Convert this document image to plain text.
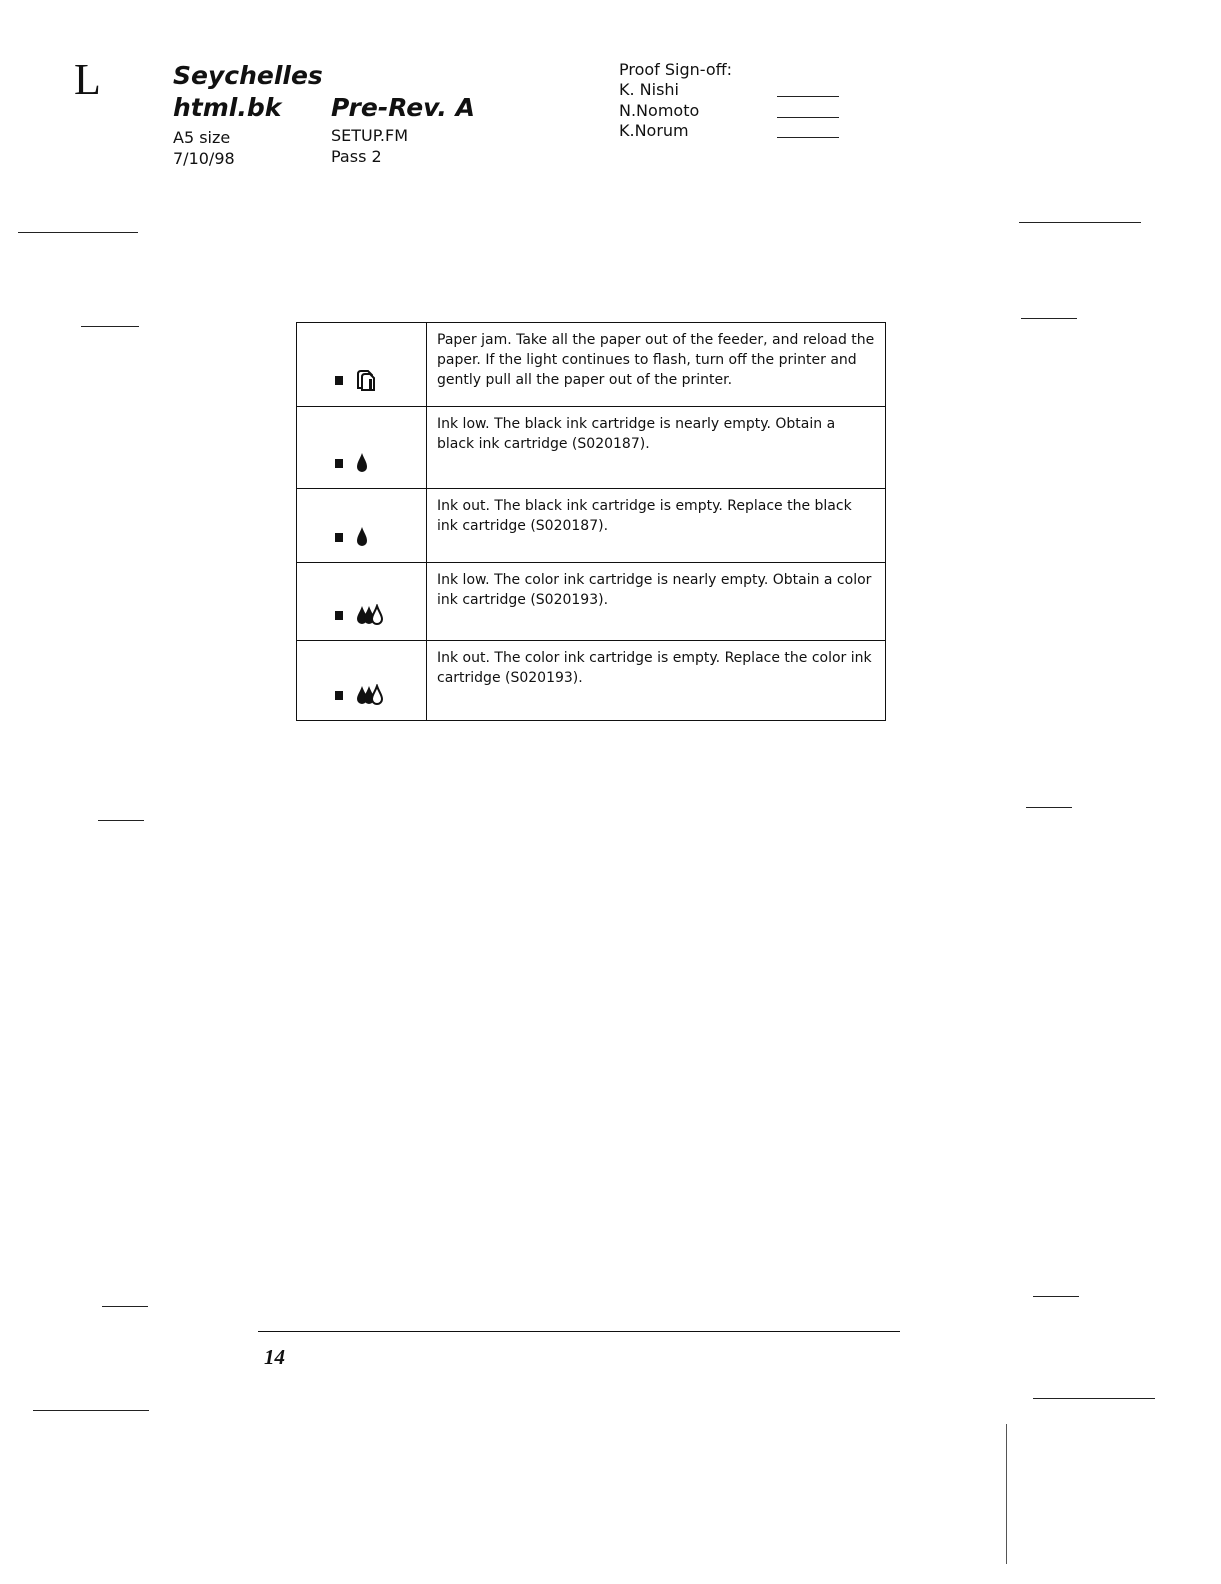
L	Seychelles
html.bk Pre-Rev. A
A5 size
7/10/98
SETUP.FM
Pass 2
Proof Sign-off:
K. Nishi
N.Nomoto
K.Norum
	Paper jam. Take all the paper out of the feeder, and reload the paper. If the light continues to flash, turn off the printer and gently pull all the paper out of the printer.

	Ink low. The black ink cartridge is nearly empty. Obtain a black ink cartridge (S020187).

	Ink out. The black ink cartridge is empty. Replace the black ink cartridge (S020187).

	Ink low. The color ink cartridge is nearly empty. Obtain a color ink cartridge (S020193).

	Ink out. The color ink cartridge is empty. Replace the color ink cartridge (S020193).
14
